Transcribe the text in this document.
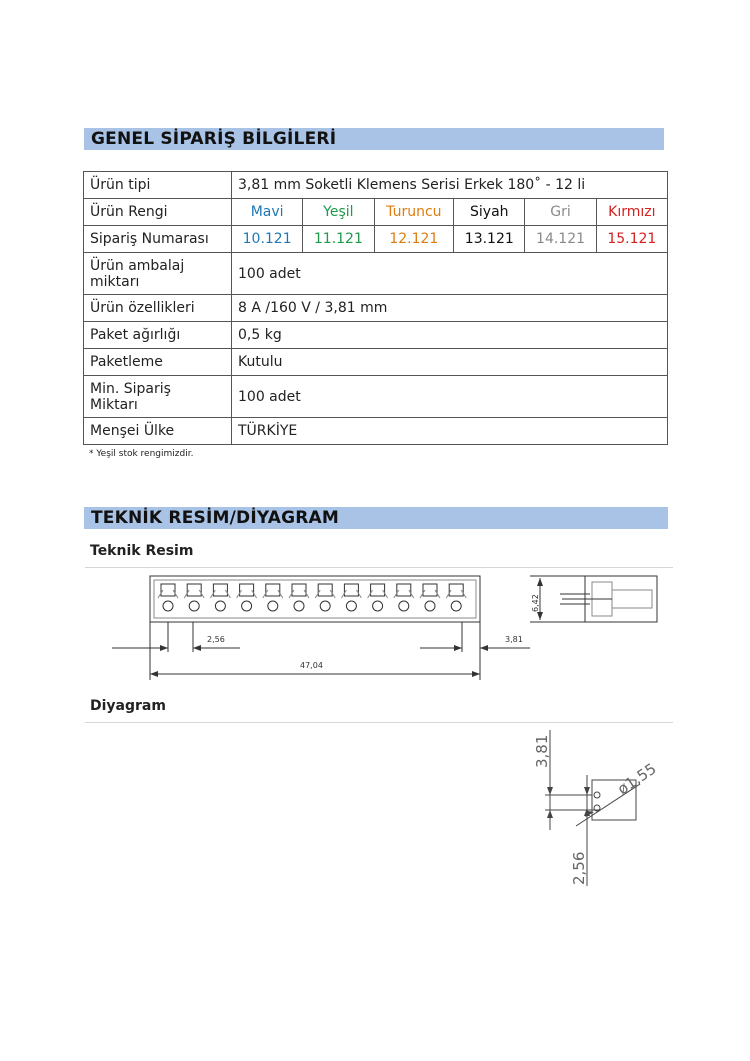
GENEL SİPARİŞ BİLGİLERİ
Ürün tipi	3,81 mm Soketli Klemens Serisi Erkek 180˚ - 12 li					
Ürün Rengi	Mavi	Yeşil	Turuncu	Siyah	Gri	Kırmızı
Sipariş Numarası	10.121	11.121	12.121	13.121	14.121	15.121
Ürün ambalaj
miktarı	100 adet					
Ürün özellikleri	8 A /160 V / 3,81 mm					
Paket ağırlığı	0,5 kg					
Paketleme	Kutulu					
Min. Sipariş
Miktarı	100 adet					
Menşei Ülke	TÜRKİYE					
* Yeşil stok rengimizdir.
TEKNİK RESİM/DİYAGRAM
Teknik Resim
2,56
47,04
3,81
6,42
Diyagram
3,81
ø1,55
2,56
